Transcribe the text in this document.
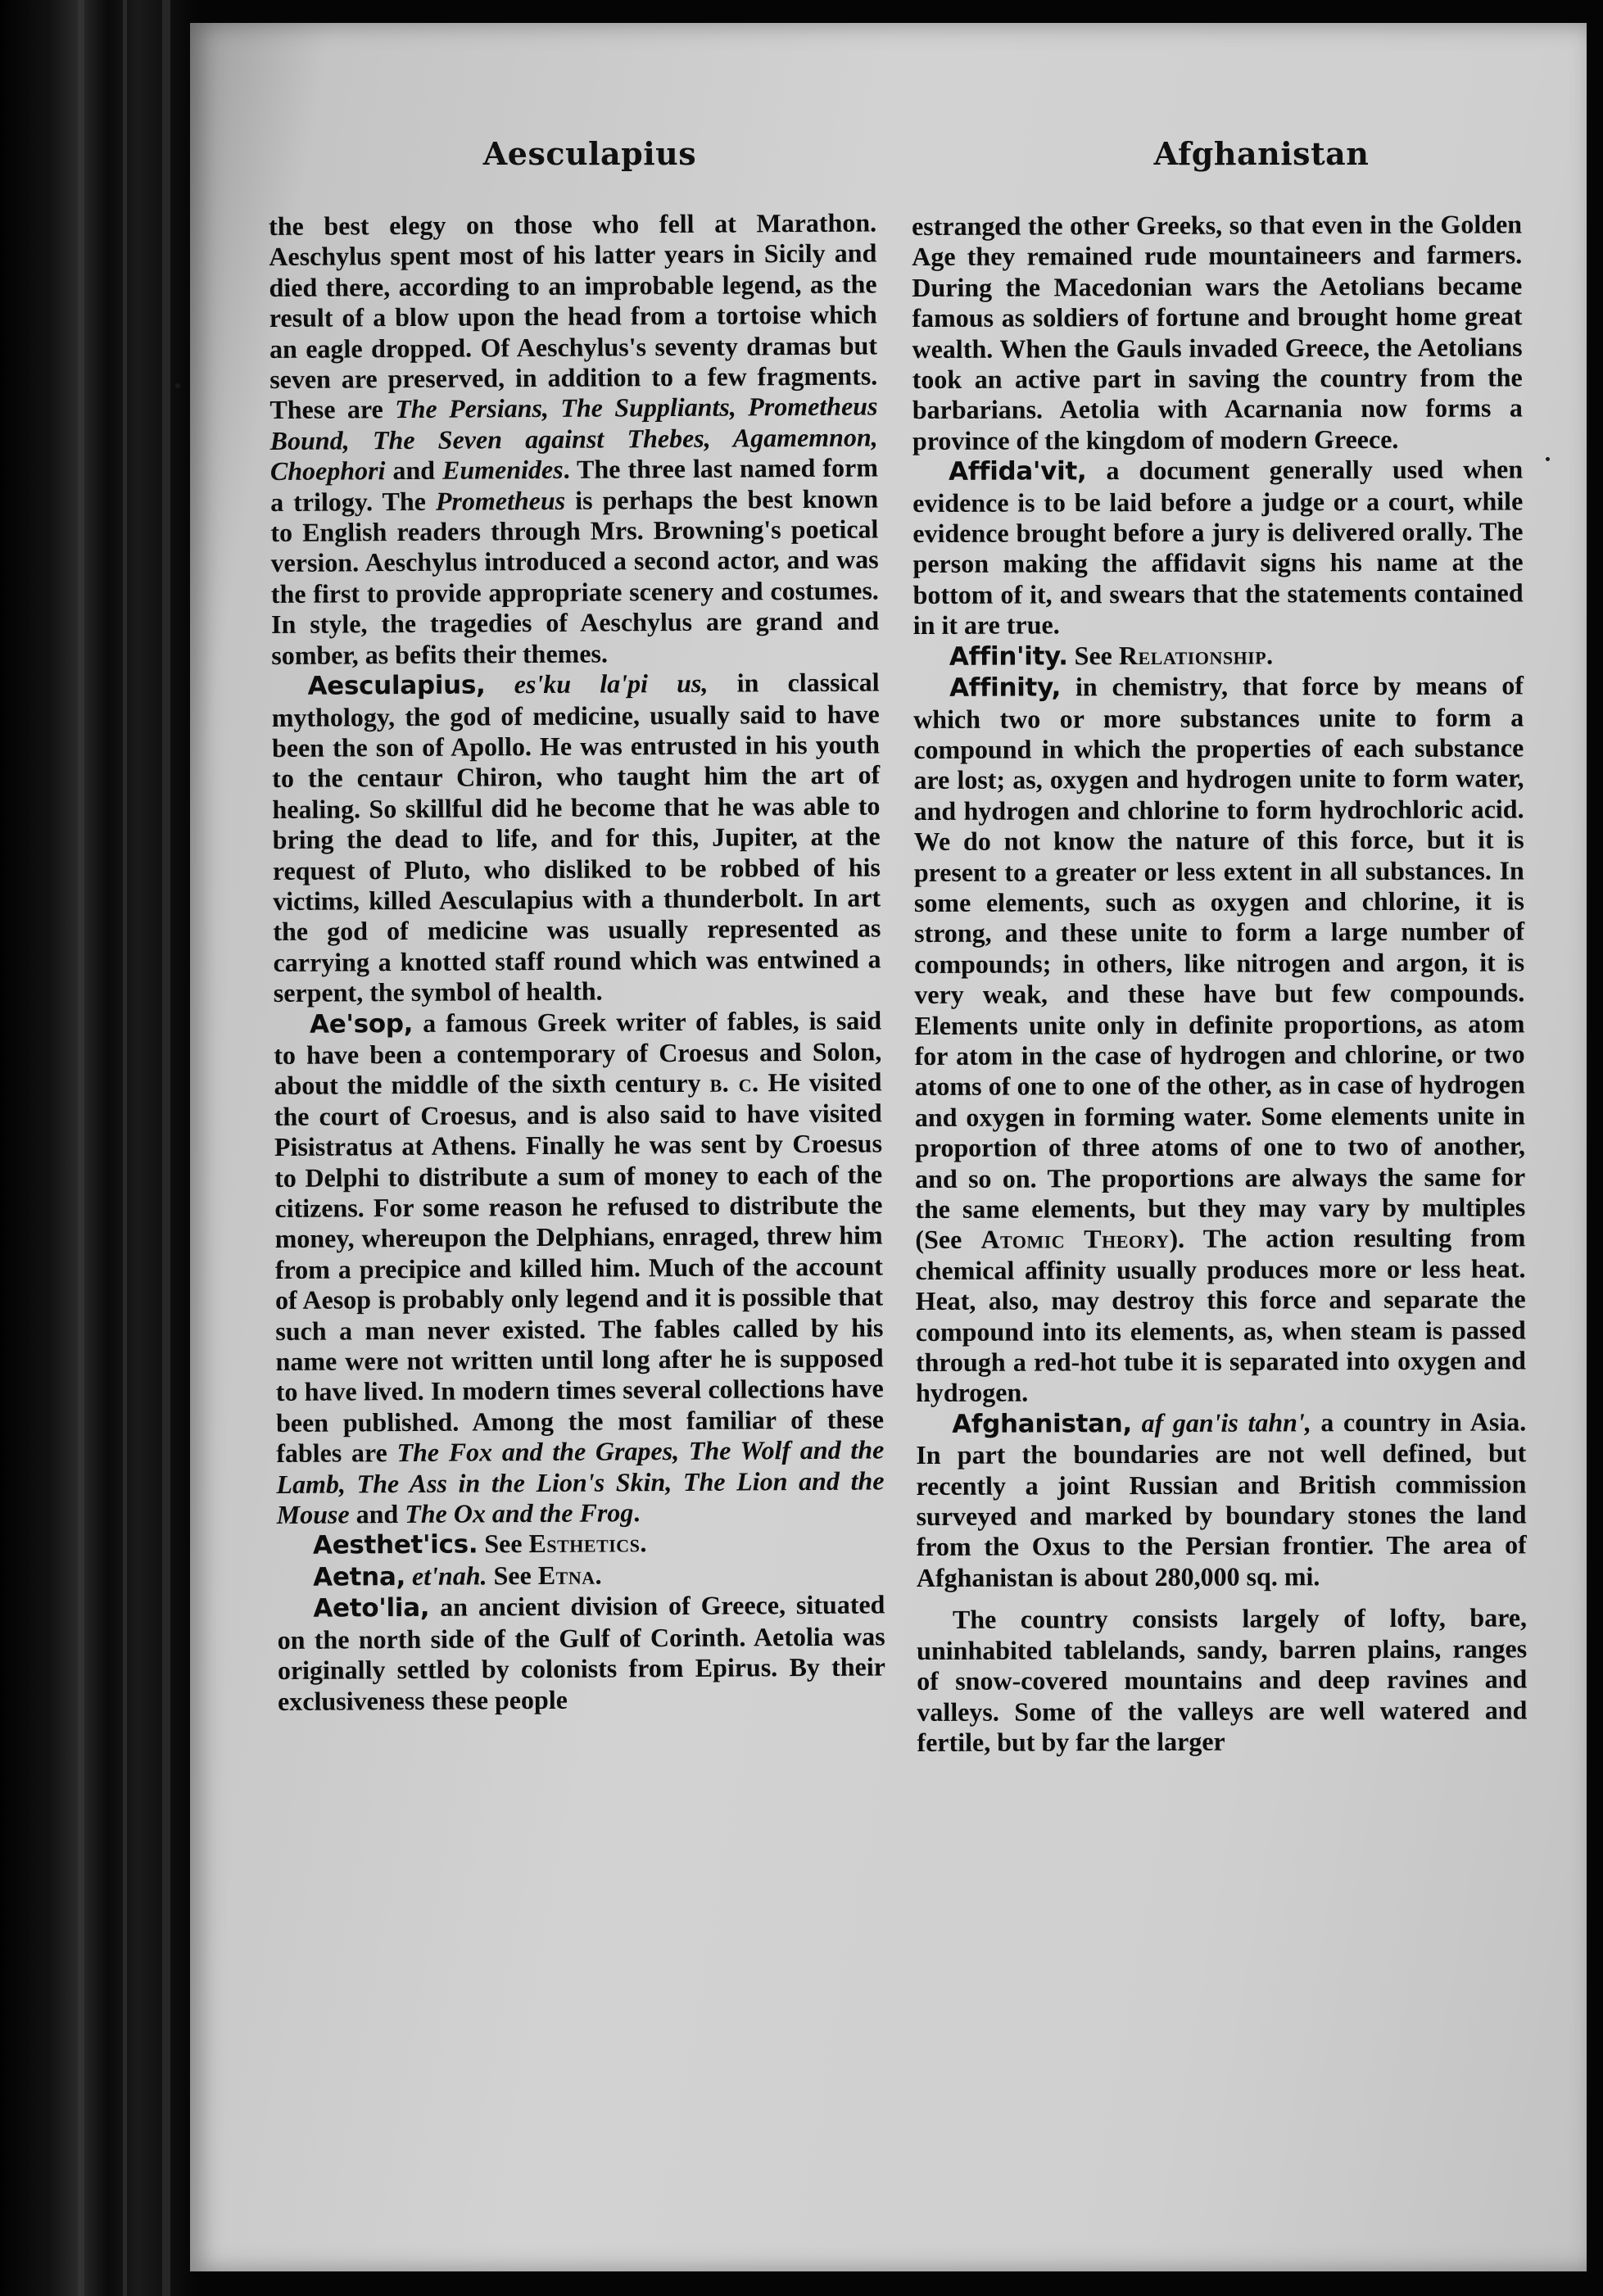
Aesculapius	Afghanistan

the best elegy on those who fell at Marathon. Aeschylus spent most of his latter years in Sicily and died there, according to an improbable legend, as the result of a blow upon the head from a tortoise which an eagle dropped. Of Aeschylus's seventy dramas but seven are preserved, in addition to a few fragments. These are The Persians, The Suppliants, Prometheus Bound, The Seven against Thebes, Agamemnon, Choephori and Eumenides. The three last named form a trilogy. The Prometheus is perhaps the best known to English readers through Mrs. Browning's poetical version. Aeschylus introduced a second actor, and was the first to provide appropriate scenery and costumes. In style, the tragedies of Aeschylus are grand and somber, as befits their themes.

Aesculapius, es'ku la'pi us, in classical mythology, the god of medicine, usually said to have been the son of Apollo. He was entrusted in his youth to the centaur Chiron, who taught him the art of healing. So skillful did he become that he was able to bring the dead to life, and for this, Jupiter, at the request of Pluto, who disliked to be robbed of his victims, killed Aesculapius with a thunderbolt. In art the god of medicine was usually represented as carrying a knotted staff round which was entwined a serpent, the symbol of health.

Ae'sop, a famous Greek writer of fables, is said to have been a contemporary of Croesus and Solon, about the middle of the sixth century b. c. He visited the court of Croesus, and is also said to have visited Pisistratus at Athens. Finally he was sent by Croesus to Delphi to distribute a sum of money to each of the citizens. For some reason he refused to distribute the money, whereupon the Delphians, enraged, threw him from a precipice and killed him. Much of the account of Aesop is probably only legend and it is possible that such a man never existed. The fables called by his name were not written until long after he is supposed to have lived. In modern times several collections have been published. Among the most familiar of these fables are The Fox and the Grapes, The Wolf and the Lamb, The Ass in the Lion's Skin, The Lion and the Mouse and The Ox and the Frog.

Aesthet'ics. See Esthetics.

Aetna, et'nah. See Etna.

Aeto'lia, an ancient division of Greece, situated on the north side of the Gulf of Corinth. Aetolia was originally settled by colonists from Epirus. By their exclusiveness these people

estranged the other Greeks, so that even in the Golden Age they remained rude mountaineers and farmers. During the Macedonian wars the Aetolians became famous as soldiers of fortune and brought home great wealth. When the Gauls invaded Greece, the Aetolians took an active part in saving the country from the barbarians. Aetolia with Acarnania now forms a province of the kingdom of modern Greece.

Affida'vit, a document generally used when evidence is to be laid before a judge or a court, while evidence brought before a jury is delivered orally. The person making the affidavit signs his name at the bottom of it, and swears that the statements contained in it are true.

Affin'ity. See Relationship.

Affinity, in chemistry, that force by means of which two or more substances unite to form a compound in which the properties of each substance are lost; as, oxygen and hydrogen unite to form water, and hydrogen and chlorine to form hydrochloric acid. We do not know the nature of this force, but it is present to a greater or less extent in all substances. In some elements, such as oxygen and chlorine, it is strong, and these unite to form a large number of compounds; in others, like nitrogen and argon, it is very weak, and these have but few compounds. Elements unite only in definite proportions, as atom for atom in the case of hydrogen and chlorine, or two atoms of one to one of the other, as in case of hydrogen and oxygen in forming water. Some elements unite in proportion of three atoms of one to two of another, and so on. The proportions are always the same for the same elements, but they may vary by multiples (See Atomic Theory). The action resulting from chemical affinity usually produces more or less heat. Heat, also, may destroy this force and separate the compound into its elements, as, when steam is passed through a red-hot tube it is separated into oxygen and hydrogen.

Afghanistan, af gan'is tahn', a country in Asia. In part the boundaries are not well defined, but recently a joint Russian and British commission surveyed and marked by boundary stones the land from the Oxus to the Persian frontier. The area of Afghanistan is about 280,000 sq. mi.

The country consists largely of lofty, bare, uninhabited tablelands, sandy, barren plains, ranges of snow-covered mountains and deep ravines and valleys. Some of the valleys are well watered and fertile, but by far the larger
